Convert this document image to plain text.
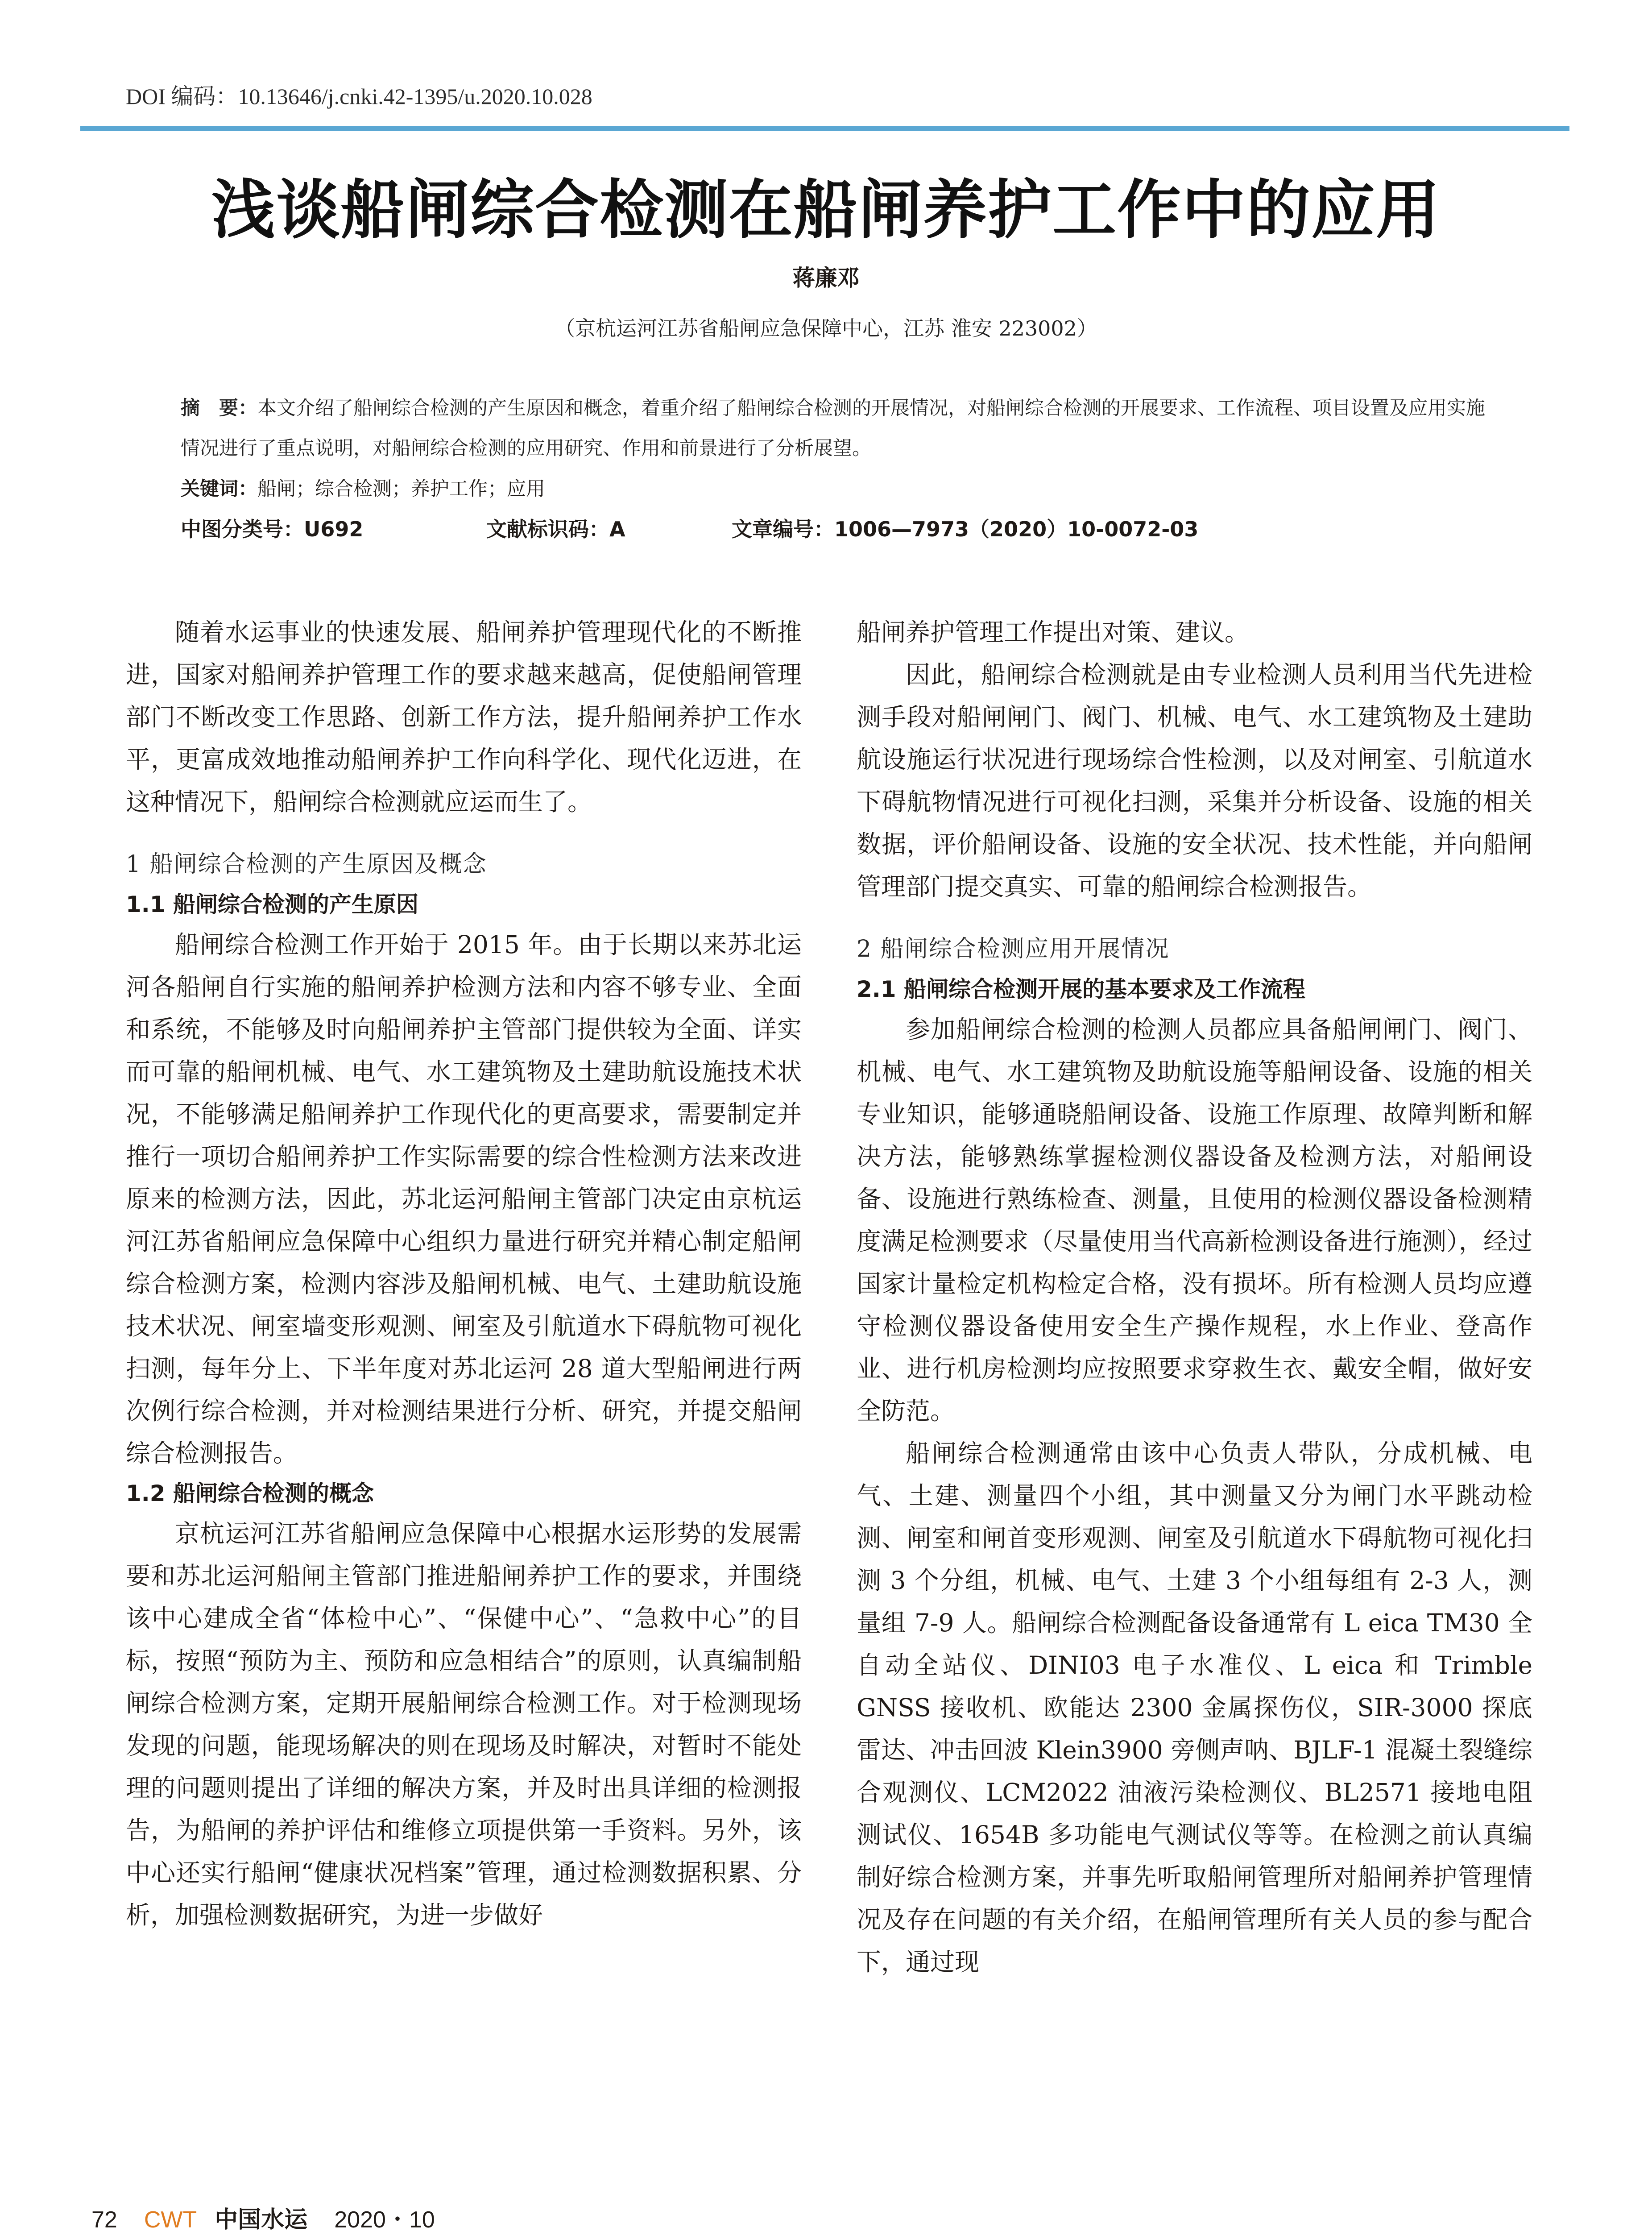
DOI 编码：10.13646/j.cnki.42-1395/u.2020.10.028
浅谈船闸综合检测在船闸养护工作中的应用
蒋廉邓
（京杭运河江苏省船闸应急保障中心，江苏 淮安 223002）
摘　要：本文介绍了船闸综合检测的产生原因和概念，着重介绍了船闸综合检测的开展情况，对船闸综合检测的开展要求、工作流程、项目设置及应用实施情况进行了重点说明，对船闸综合检测的应用研究、作用和前景进行了分析展望。
关键词：船闸；综合检测；养护工作；应用
中图分类号：U692	文献标识码：A	文章编号：1006—7973（2020）10-0072-03

随着水运事业的快速发展、船闸养护管理现代化的不断推进，国家对船闸养护管理工作的要求越来越高，促使船闸管理部门不断改变工作思路、创新工作方法，提升船闸养护工作水平，更富成效地推动船闸养护工作向科学化、现代化迈进，在这种情况下，船闸综合检测就应运而生了。

1 船闸综合检测的产生原因及概念
1.1 船闸综合检测的产生原因

船闸综合检测工作开始于 2015 年。由于长期以来苏北运河各船闸自行实施的船闸养护检测方法和内容不够专业、全面和系统，不能够及时向船闸养护主管部门提供较为全面、详实而可靠的船闸机械、电气、水工建筑物及土建助航设施技术状况，不能够满足船闸养护工作现代化的更高要求，需要制定并推行一项切合船闸养护工作实际需要的综合性检测方法来改进原来的检测方法，因此，苏北运河船闸主管部门决定由京杭运河江苏省船闸应急保障中心组织力量进行研究并精心制定船闸综合检测方案，检测内容涉及船闸机械、电气、土建助航设施技术状况、闸室墙变形观测、闸室及引航道水下碍航物可视化扫测，每年分上、下半年度对苏北运河 28 道大型船闸进行两次例行综合检测，并对检测结果进行分析、研究，并提交船闸综合检测报告。

1.2 船闸综合检测的概念

京杭运河江苏省船闸应急保障中心根据水运形势的发展需要和苏北运河船闸主管部门推进船闸养护工作的要求，并围绕该中心建成全省“体检中心”、“保健中心”、“急救中心”的目标，按照“预防为主、预防和应急相结合”的原则，认真编制船闸综合检测方案，定期开展船闸综合检测工作。对于检测现场发现的问题，能现场解决的则在现场及时解决，对暂时不能处理的问题则提出了详细的解决方案，并及时出具详细的检测报告，为船闸的养护评估和维修立项提供第一手资料。另外，该中心还实行船闸“健康状况档案”管理，通过检测数据积累、分析，加强检测数据研究，为进一步做好

船闸养护管理工作提出对策、建议。

因此，船闸综合检测就是由专业检测人员利用当代先进检测手段对船闸闸门、阀门、机械、电气、水工建筑物及土建助航设施运行状况进行现场综合性检测，以及对闸室、引航道水下碍航物情况进行可视化扫测，采集并分析设备、设施的相关数据，评价船闸设备、设施的安全状况、技术性能，并向船闸管理部门提交真实、可靠的船闸综合检测报告。

2 船闸综合检测应用开展情况
2.1 船闸综合检测开展的基本要求及工作流程

参加船闸综合检测的检测人员都应具备船闸闸门、阀门、机械、电气、水工建筑物及助航设施等船闸设备、设施的相关专业知识，能够通晓船闸设备、设施工作原理、故障判断和解决方法，能够熟练掌握检测仪器设备及检测方法，对船闸设备、设施进行熟练检查、测量，且使用的检测仪器设备检测精度满足检测要求（尽量使用当代高新检测设备进行施测），经过国家计量检定机构检定合格，没有损坏。所有检测人员均应遵守检测仪器设备使用安全生产操作规程，水上作业、登高作业、进行机房检测均应按照要求穿救生衣、戴安全帽，做好安全防范。

船闸综合检测通常由该中心负责人带队，分成机械、电气、土建、测量四个小组，其中测量又分为闸门水平跳动检测、闸室和闸首变形观测、闸室及引航道水下碍航物可视化扫测 3 个分组，机械、电气、土建 3 个小组每组有 2-3 人，测量组 7-9 人。船闸综合检测配备设备通常有 L eica TM30 全自动全站仪、DINI03 电子水准仪、L eica 和 Trimble GNSS 接收机、欧能达 2300 金属探伤仪，SIR-3000 探底雷达、冲击回波 Klein3900 旁侧声呐、BJLF-1 混凝土裂缝综合观测仪、LCM2022 油液污染检测仪、BL2571 接地电阻测试仪、1654B 多功能电气测试仪等等。在检测之前认真编制好综合检测方案，并事先听取船闸管理所对船闸养护管理情况及存在问题的有关介绍，在船闸管理所有关人员的参与配合下，通过现

72 CWT 中国水运 2020・10
